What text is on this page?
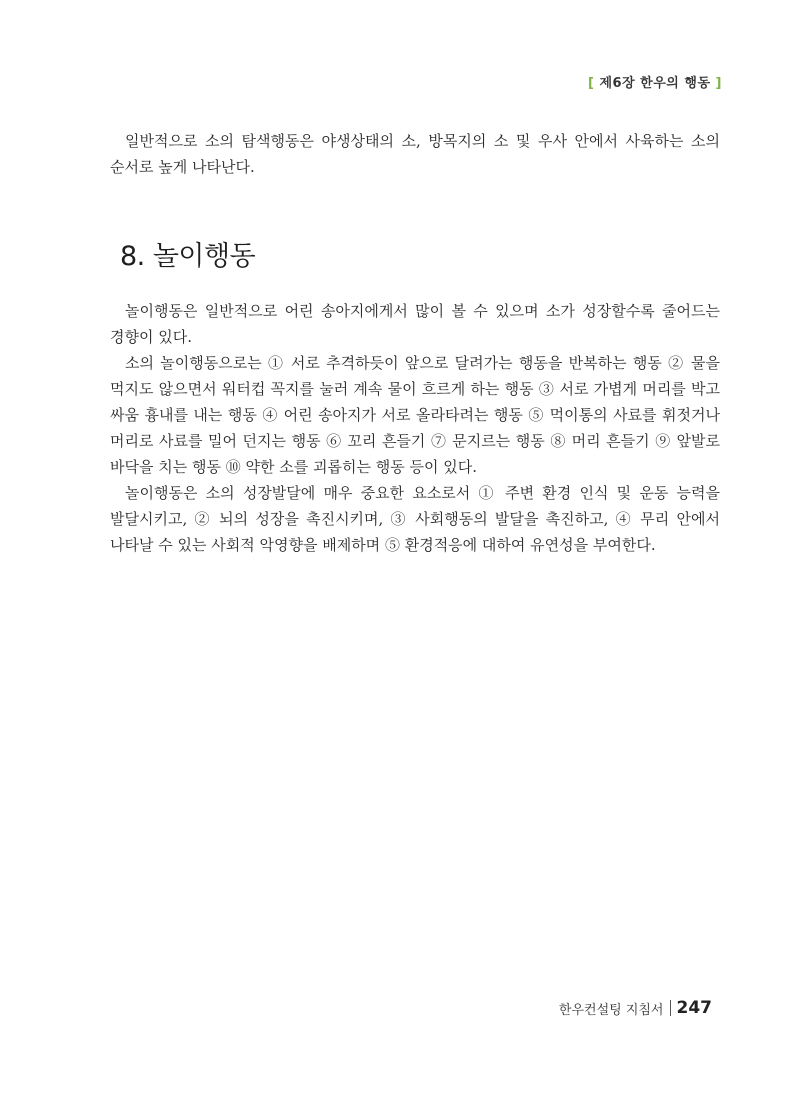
[ 제6장 한우의 행동 ]

일반적으로 소의 탐색행동은 야생상태의 소, 방목지의 소 및 우사 안에서 사육하는 소의 순서로 높게 나타난다.

8. 놀이행동

놀이행동은 일반적으로 어린 송아지에게서 많이 볼 수 있으며 소가 성장할수록 줄어드는 경향이 있다.

소의 놀이행동으로는 ① 서로 추격하듯이 앞으로 달려가는 행동을 반복하는 행동 ② 물을 먹지도 않으면서 워터컵 꼭지를 눌러 계속 물이 흐르게 하는 행동 ③ 서로 가볍게 머리를 박고 싸움 흉내를 내는 행동 ④ 어린 송아지가 서로 올라타려는 행동 ⑤ 먹이통의 사료를 휘젓거나 머리로 사료를 밀어 던지는 행동 ⑥ 꼬리 흔들기 ⑦ 문지르는 행동 ⑧ 머리 흔들기 ⑨ 앞발로 바닥을 치는 행동 ⑩ 약한 소를 괴롭히는 행동 등이 있다.

놀이행동은 소의 성장발달에 매우 중요한 요소로서 ① 주변 환경 인식 및 운동 능력을 발달시키고, ② 뇌의 성장을 촉진시키며, ③ 사회행동의 발달을 촉진하고, ④ 무리 안에서 나타날 수 있는 사회적 악영향을 배제하며 ⑤ 환경적응에 대하여 유연성을 부여한다.

한우컨설팅 지침서 247
